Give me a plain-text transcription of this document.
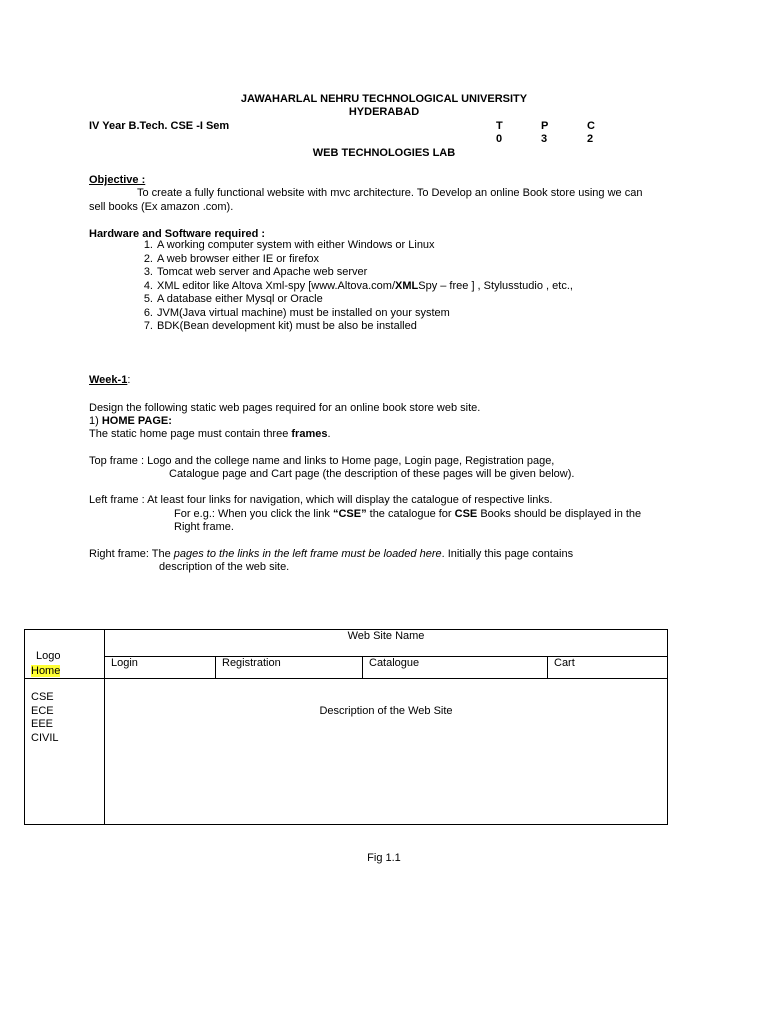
JAWAHARLAL NEHRU TECHNOLOGICAL UNIVERSITY
HYDERABAD
IV Year B.Tech. CSE -I Sem	T	P	C
0	3	2
WEB TECHNOLOGIES LAB
Objective :
To create a fully functional website with mvc architecture. To Develop an online Book store using we can
sell books (Ex amazon .com).
Hardware and Software required :
1. A working computer system with either Windows or Linux
2. A web browser either IE or firefox
3. Tomcat web server and Apache web server
4. XML editor like Altova Xml-spy [www.Altova.com/XMLSpy – free ] , Stylusstudio , etc.,
5. A database either Mysql or Oracle
6. JVM(Java virtual machine) must be installed on your system
7. BDK(Bean development kit) must be also be installed
Week-1:
Design the following static web pages required for an online book store web site.
1) HOME PAGE:
The static home page must contain three frames.
Top frame : Logo and the college name and links to Home page, Login page, Registration page,
Catalogue page and Cart page (the description of these pages will be given below).
Left frame : At least four links for navigation, which will display the catalogue of respective links.
For e.g.: When you click the link “CSE” the catalogue for CSE Books should be displayed in the
Right frame.
Right frame: The pages to the links in the left frame must be loaded here. Initially this page contains
description of the web site.
Logo
Home	Web Site Name			
	Login	Registration	Catalogue	Cart

CSE
ECE
EEE
CIVIL	Description of the Web Site			
Fig 1.1
